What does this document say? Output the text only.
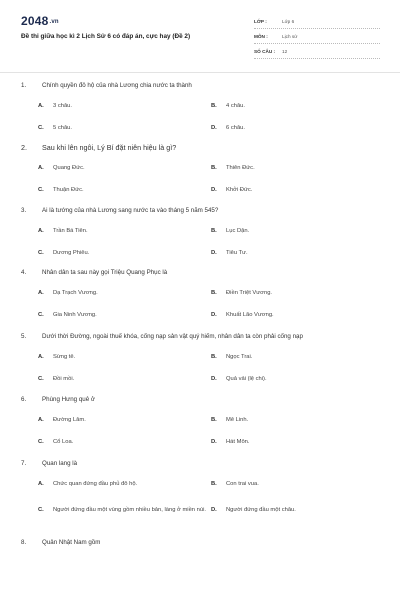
2048.vn
Đề thi giữa học kì 2 Lịch Sử 6 có đáp án, cực hay (Đề 2)
LỚP :	Lớp 6
MÔN :	Lịch sử
SỐ CÂU :	12
1.	Chính quyền đô hộ của nhà Lương chia nước ta thành
A.	3 châu.	B.	4 châu.
C.	5 châu.	D.	6 châu.
2.	Sau khi lên ngôi, Lý Bí đặt niên hiệu là gì?
A.	Quang Đức.	B.	Thiên Đức.
C.	Thuận Đức.	D.	Khởi Đức.
3.	Ai là tướng của nhà Lương sang nước ta vào tháng 5 năm 545?
A.	Trần Bá Tiên.	B.	Lục Dận.
C.	Dương Phiêu.	D.	Tiêu Tư.
4.	Nhân dân ta sau này gọi Triệu Quang Phục là
A.	Dạ Trạch Vương.	B.	Điền Triệt Vương.
C.	Gia Ninh Vương.	D.	Khuất Lão Vương.
5.	Dưới thời Đường, ngoài thuế khóa, cống nạp sản vật quý hiếm, nhân dân ta còn phải cống nạp
A.	Sừng tê.	B.	Ngọc Trai.
C.	Đồi mồi.	D.	Quả vải (lệ chi).
6.	Phùng Hưng quê ở
A.	Đường Lâm.	B.	Mê Linh.
C.	Cổ Loa.	D.	Hát Môn.
7.	Quan lang là
A.	Chức quan đứng đầu phủ đô hộ.	B.	Con trai vua.
C.	Người đứng đầu một vùng gồm nhiều bản, làng ở miền núi. D.	Người đứng đầu một châu.
8.	Quân Nhật Nam gồm
